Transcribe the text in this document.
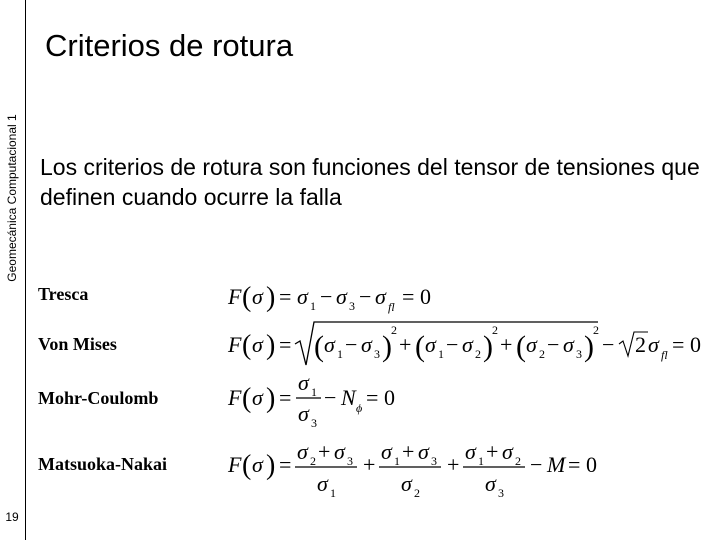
Geomecánica Computacional 1
19
Criterios de rotura

Los criterios de rotura son funciones del tensor de tensiones que definen cuando ocurre la falla

Tresca
Von Mises
Mohr-Coulomb
Matsuoka-Nakai
F ( σ ) = σ 1 − σ 3 − σ fl = 0
F ( σ ) = ( σ 1 − σ 3 ) 2
+ ( σ 1 − σ 2 ) 2
+ ( σ 2 − σ 3 ) 2
− 2 σ fl = 0
F ( σ ) =
σ 1
σ 3
− N ϕ = 0
F ( σ ) =
σ 2 + σ 3
σ 1
+
σ 1 + σ 3
σ 2
+
σ 1 + σ 2
σ 3
− M = 0
